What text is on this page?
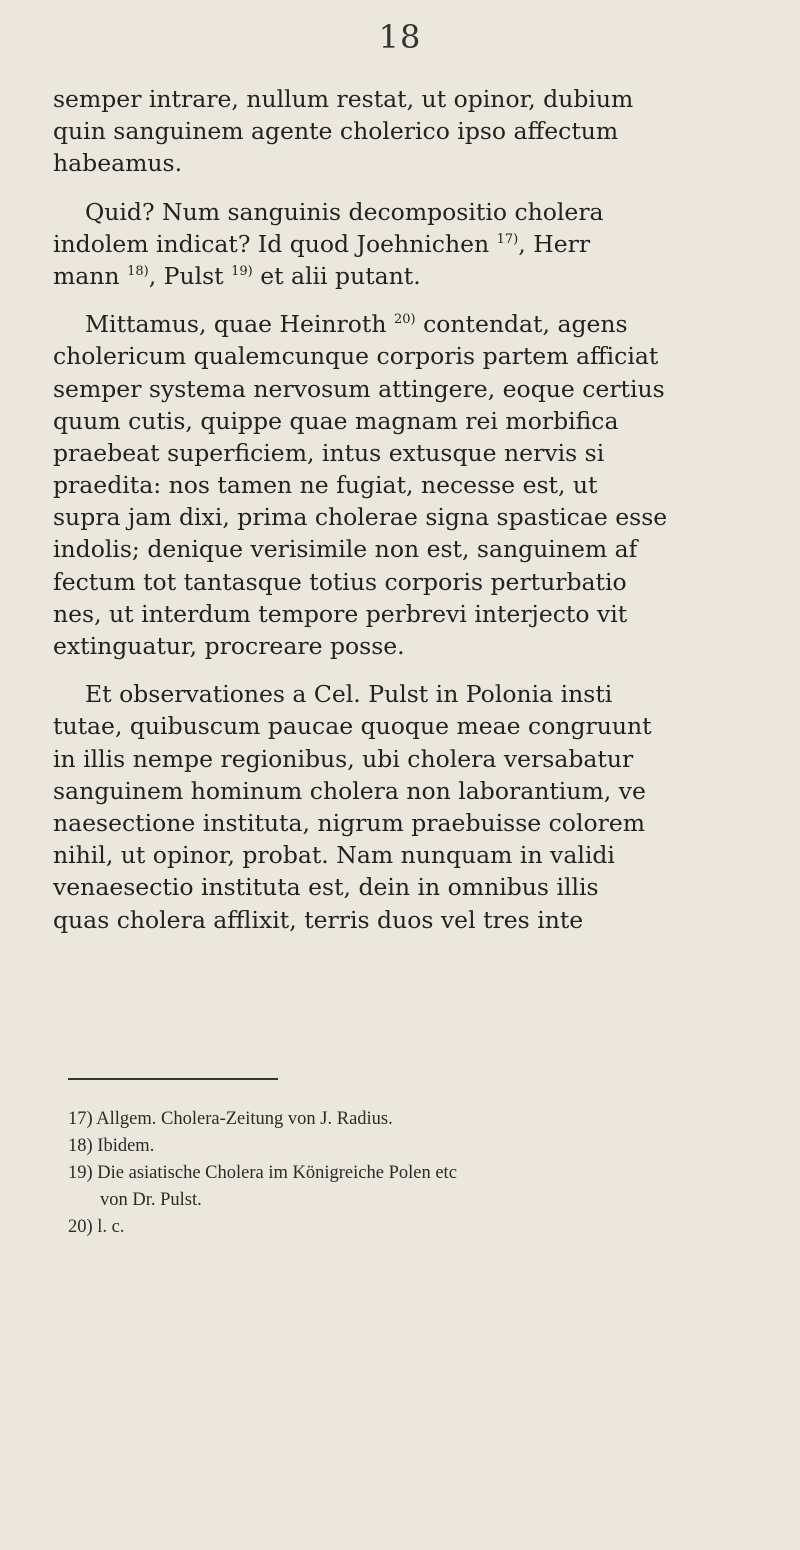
18
semper intrare, nullum restat, ut opinor, dubium
quin sanguinem agente cholerico ipso affectum
habeamus.
Quid? Num sanguinis decompositio cholera
indolem indicat? Id quod Joehnichen $^{17)}$, Herr
mann $^{18)}$, Pulst $^{19)}$ et alii putant.
Mittamus, quae Heinroth $^{20)}$ contendat, agens
cholericum qualemcunque corporis partem afficiat
semper systema nervosum attingere, eoque certius
quum cutis, quippe quae magnam rei morbifica
praebeat superficiem, intus extusque nervis si
praedita: nos tamen ne fugiat, necesse est, ut
supra jam dixi, prima cholerae signa spasticae esse
indolis; denique verisimile non est, sanguinem af
fectum tot tantasque totius corporis perturbatio
nes, ut interdum tempore perbrevi interjecto vit
extinguatur, procreare posse.
Et observationes a Cel. Pulst in Polonia insti
tutae, quibuscum paucae quoque meae congruunt
in illis nempe regionibus, ubi cholera versabatur
sanguinem hominum cholera non laborantium, ve
naesectione instituta, nigrum praebuisse colorem
nihil, ut opinor, probat. Nam nunquam in validi
venaesectio instituta est, dein in omnibus illis
quas cholera afflixit, terris duos vel tres inte
17) Allgem. Cholera-Zeitung von J. Radius.
18) Ibidem.
19) Die asiatische Cholera im Königreiche Polen etc
von Dr. Pulst.
20) l. c.
